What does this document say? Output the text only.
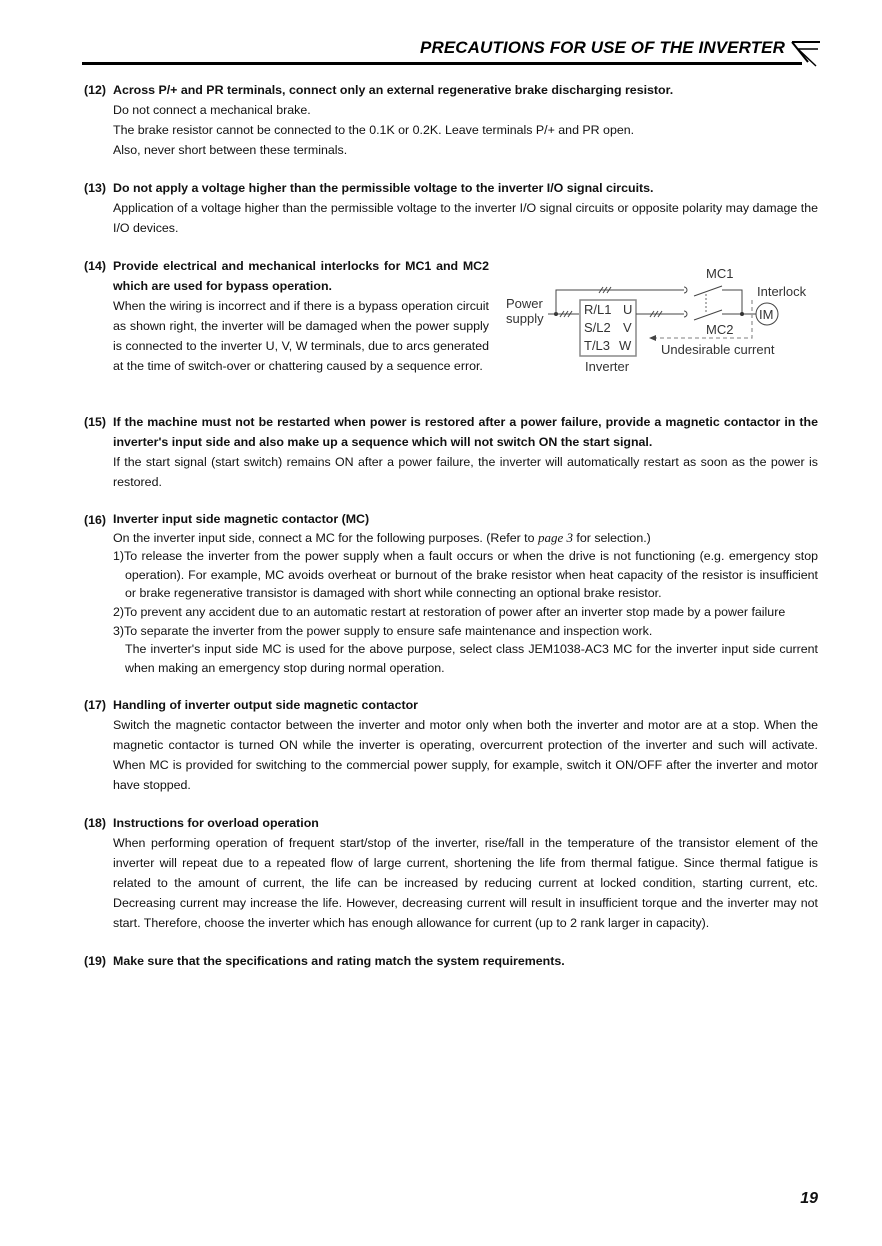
PRECAUTIONS FOR USE OF THE INVERTER
(12) Across P/+ and PR terminals, connect only an external regenerative brake discharging resistor.
Do not connect a mechanical brake.
The brake resistor cannot be connected to the 0.1K or 0.2K. Leave terminals P/+ and PR open.
Also, never short between these terminals.
(13) Do not apply a voltage higher than the permissible voltage to the inverter I/O signal circuits.
Application of a voltage higher than the permissible voltage to the inverter I/O signal circuits or opposite polarity may damage the I/O devices.
(14) Provide electrical and mechanical interlocks for MC1 and MC2 which are used for bypass operation.
When the wiring is incorrect and if there is a bypass operation circuit as shown right, the inverter will be damaged when the power supply is connected to the inverter U, V, W terminals, due to arcs generated at the time of switch-over or chattering caused by a sequence error.
Power
supply
R/L1
S/L2
T/L3
U
V
W
Inverter
MC1
MC2
IM
Interlock
Undesirable current
(15) If the machine must not be restarted when power is restored after a power failure, provide a magnetic contactor in the inverter's input side and also make up a sequence which will not switch ON the start signal.
If the start signal (start switch) remains ON after a power failure, the inverter will automatically restart as soon as the power is restored.
(16) Inverter input side magnetic contactor (MC)
On the inverter input side, connect a MC for the following purposes. (Refer to page 3 for selection.)
1)To release the inverter from the power supply when a fault occurs or when the drive is not functioning (e.g. emergency stop operation). For example, MC avoids overheat or burnout of the brake resistor when heat capacity of the resistor is insufficient or brake regenerative transistor is damaged with short while connecting an optional brake resistor.
2)To prevent any accident due to an automatic restart at restoration of power after an inverter stop made by a power failure
3)To separate the inverter from the power supply to ensure safe maintenance and inspection work.
The inverter's input side MC is used for the above purpose, select class JEM1038-AC3 MC for the inverter input side current when making an emergency stop during normal operation.
(17) Handling of inverter output side magnetic contactor
Switch the magnetic contactor between the inverter and motor only when both the inverter and motor are at a stop. When the magnetic contactor is turned ON while the inverter is operating, overcurrent protection of the inverter and such will activate. When MC is provided for switching to the commercial power supply, for example, switch it ON/OFF after the inverter and motor have stopped.
(18) Instructions for overload operation
When performing operation of frequent start/stop of the inverter, rise/fall in the temperature of the transistor element of the inverter will repeat due to a repeated flow of large current, shortening the life from thermal fatigue. Since thermal fatigue is related to the amount of current, the life can be increased by reducing current at locked condition, starting current, etc. Decreasing current may increase the life. However, decreasing current will result in insufficient torque and the inverter may not start. Therefore, choose the inverter which has enough allowance for current (up to 2 rank larger in capacity).
(19) Make sure that the specifications and rating match the system requirements.
19
